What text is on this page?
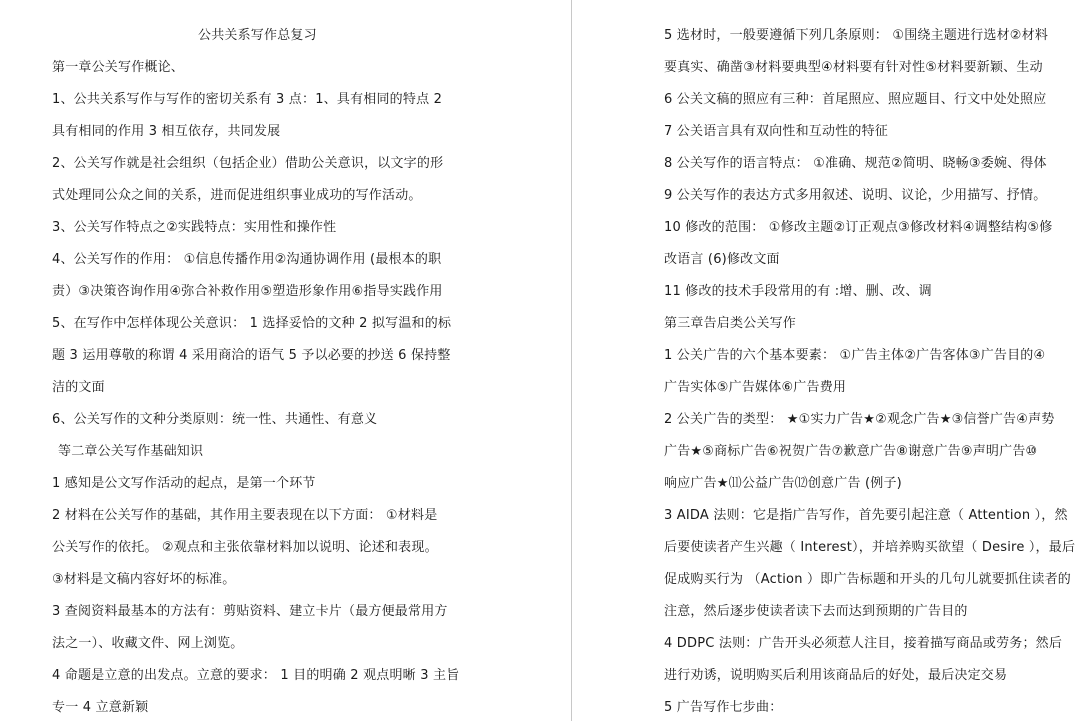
公共关系写作总复习
第一章公关写作概论、
1、公共关系写作与写作的密切关系有 3 点：1、具有相同的特点 2
具有相同的作用 3 相互依存，共同发展
2、公关写作就是社会组织（包括企业）借助公关意识，以文字的形
式处理同公众之间的关系，进而促进组织事业成功的写作活动。
3、公关写作特点之②实践特点：实用性和操作性
4、公关写作的作用： ①信息传播作用②沟通协调作用 (最根本的职
责）③决策咨询作用④弥合补救作用⑤塑造形象作用⑥指导实践作用
5、在写作中怎样体现公关意识： 1 选择妥恰的文种 2 拟写温和的标
题 3 运用尊敬的称谓 4 采用商洽的语气 5 予以必要的抄送 6 保持整
洁的文面
6、公关写作的文种分类原则：统一性、共通性、有意义
等二章公关写作基础知识
1 感知是公文写作活动的起点，是第一个环节
2 材料在公关写作的基础，其作用主要表现在以下方面： ①材料是
公关写作的依托。 ②观点和主张依靠材料加以说明、论述和表现。
③材料是文稿内容好坏的标准。
3 查阅资料最基本的方法有：剪贴资料、建立卡片（最方便最常用方
法之一）、收藏文件、网上浏览。
4 命题是立意的出发点。立意的要求： 1 目的明确 2 观点明晰 3 主旨
专一 4 立意新颖
5 选材时，一般要遵循下列几条原则： ①围绕主题进行选材②材料
要真实、确凿③材料要典型④材料要有针对性⑤材料要新颖、生动
6 公关文稿的照应有三种：首尾照应、照应题目、行文中处处照应
7 公关语言具有双向性和互动性的特征
8 公关写作的语言特点： ①准确、规范②简明、晓畅③委婉、得体
9 公关写作的表达方式多用叙述、说明、议论，少用描写、抒情。
10 修改的范围： ①修改主题②订正观点③修改材料④调整结构⑤修
改语言 (6)修改文面
11 修改的技术手段常用的有 :增、删、改、调
第三章告启类公关写作
1 公关广告的六个基本要素： ①广告主体②广告客体③广告目的④
广告实体⑤广告媒体⑥广告费用
2 公关广告的类型： ★①实力广告★②观念广告★③信誉广告④声势
广告★⑤商标广告⑥祝贺广告⑦歉意广告⑧谢意广告⑨声明广告⑩
响应广告★⑾公益广告⑿创意广告 (例子)
3 AIDA 法则：它是指广告写作，首先要引起注意（ Attention ），然
后要使读者产生兴趣（ Interest），并培养购买欲望（ Desire ），最后
促成购买行为 （Action ）即广告标题和开头的几句儿就要抓住读者的
注意，然后逐步使读者读下去而达到预期的广告目的
4 DDPC 法则：广告开头必须惹人注目，接着描写商品或劳务；然后
进行劝诱，说明购买后利用该商品后的好处，最后决定交易
5 广告写作七步曲：
